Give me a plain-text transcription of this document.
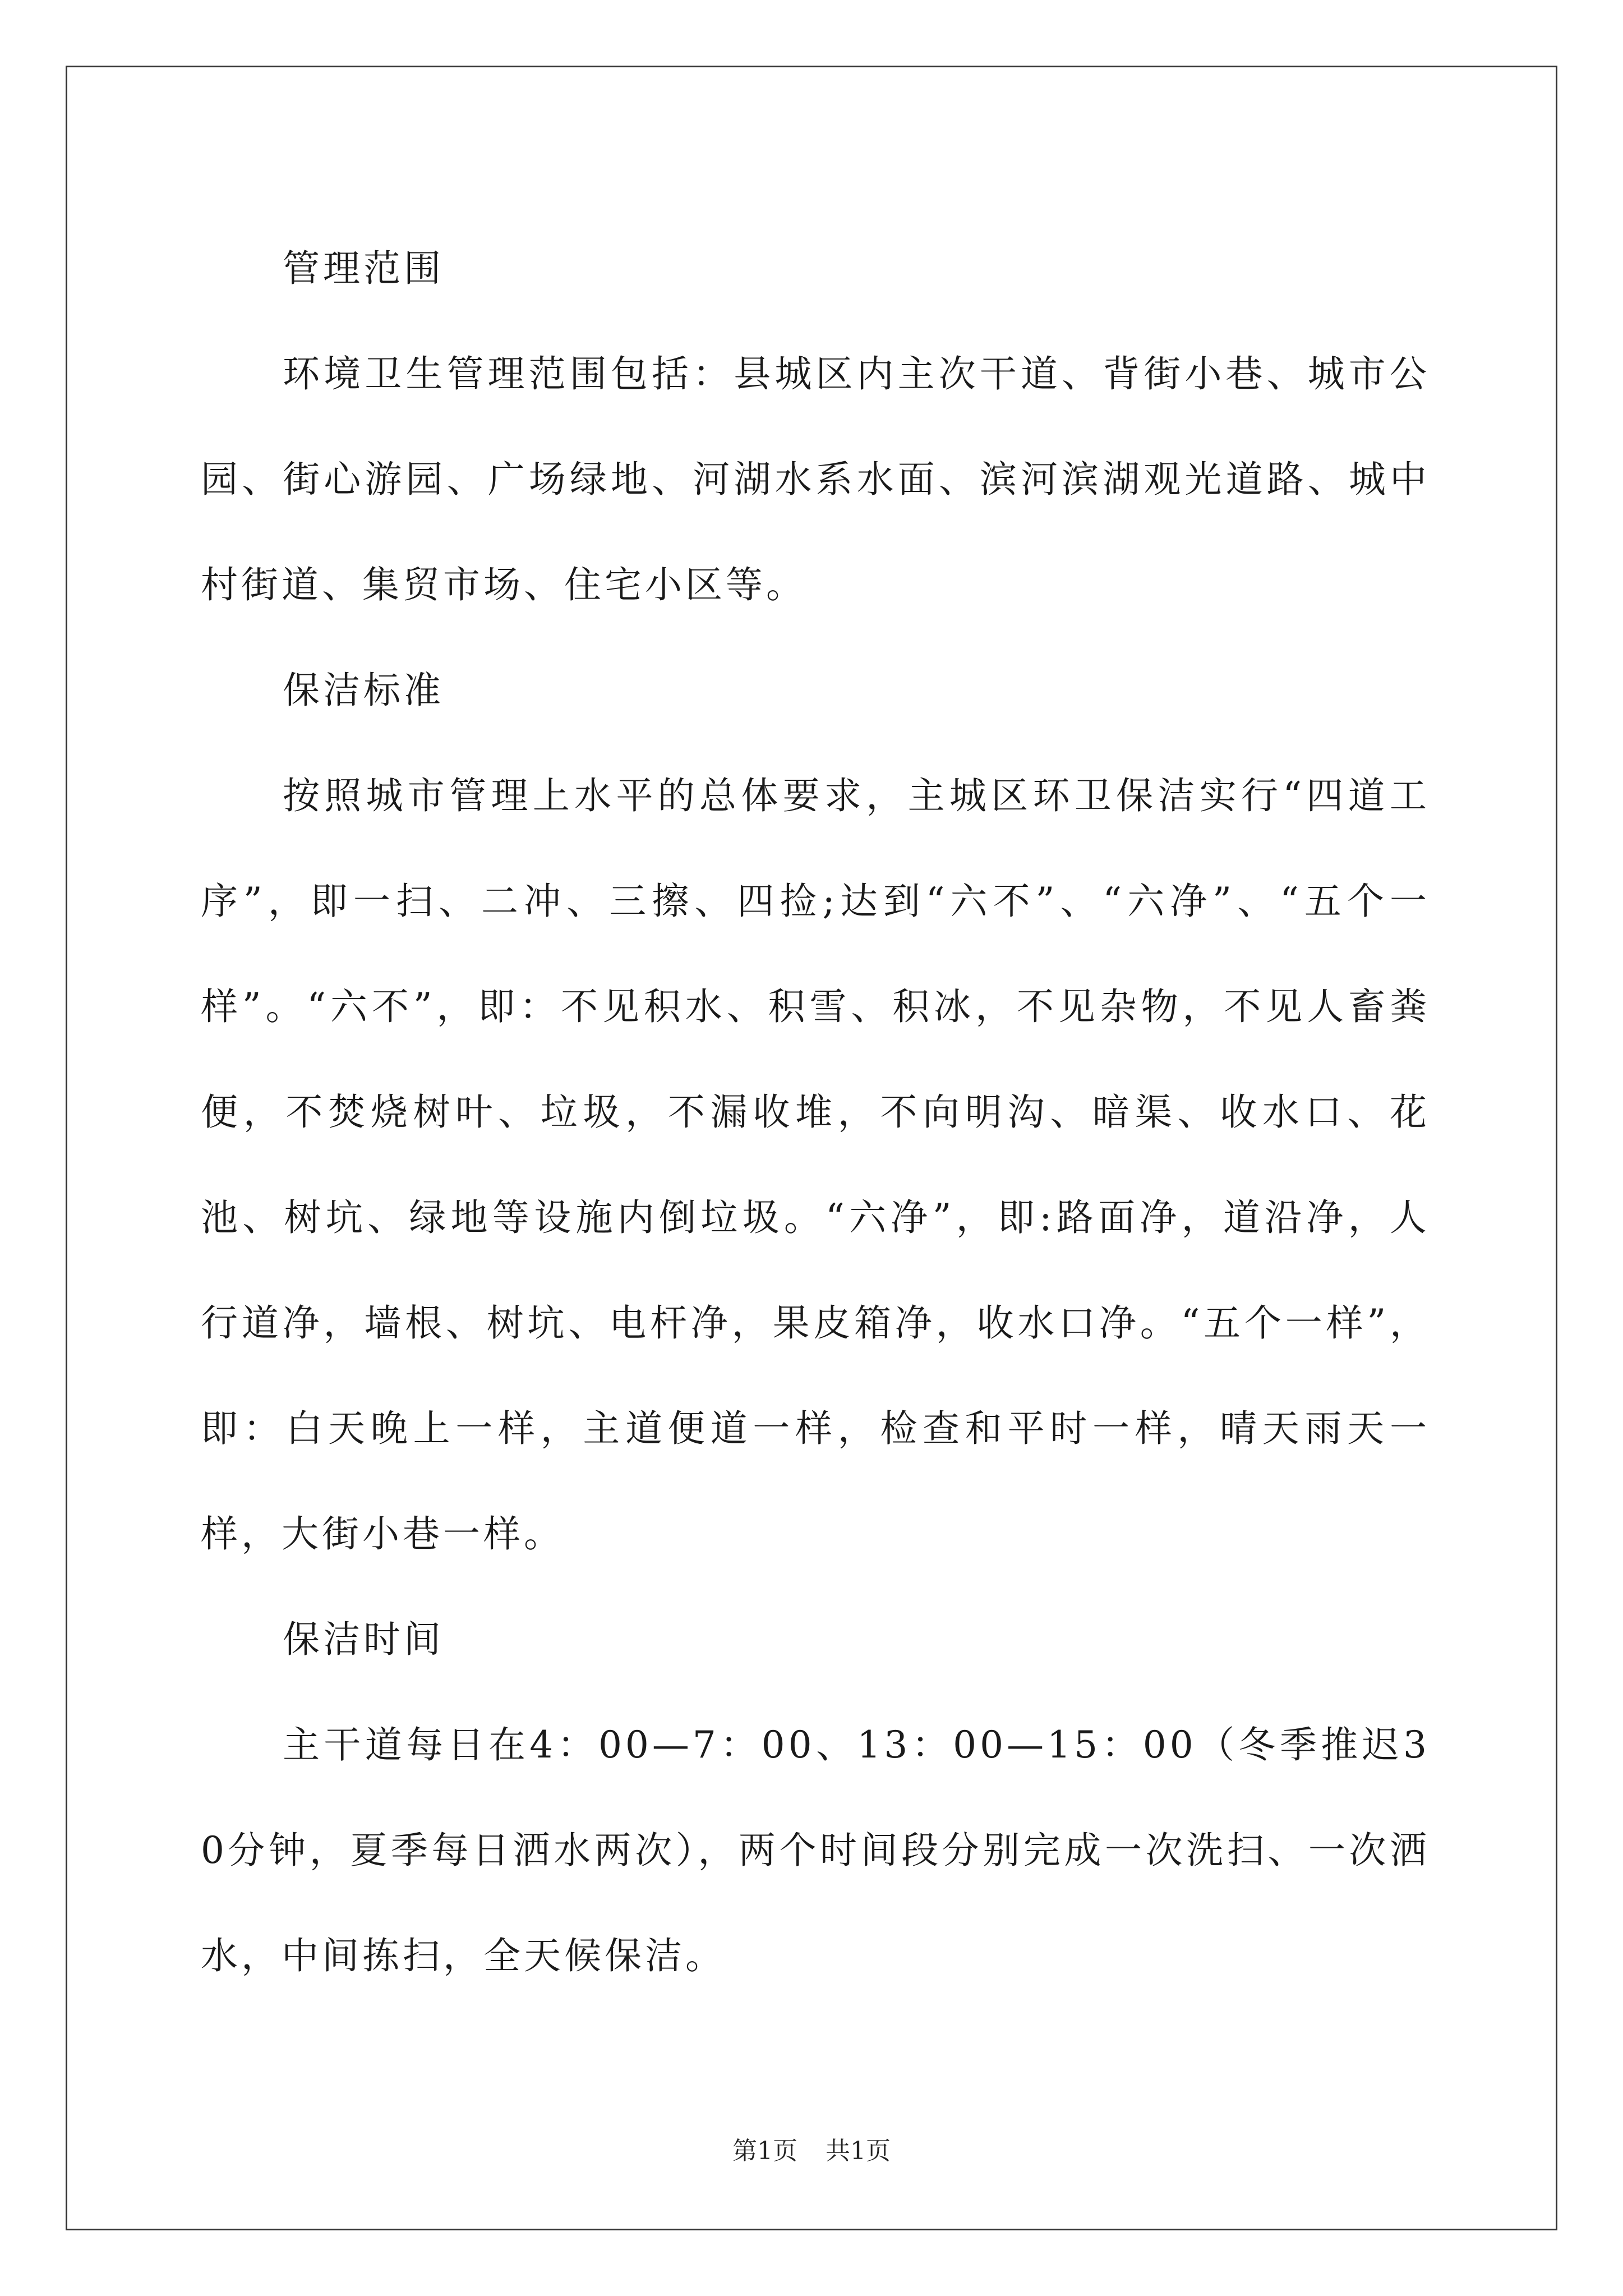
管理范围

环境卫生管理范围包括：县城区内主次干道、背街小巷、城市公园、街心游园、广场绿地、河湖水系水面、滨河滨湖观光道路、城中村街道、集贸市场、住宅小区等。

保洁标准

按照城市管理上水平的总体要求，主城区环卫保洁实行“四道工序”，即一扫、二冲、三擦、四捡;达到“六不”、“六净”、“五个一样”。“六不”，即：不见积水、积雪、积冰，不见杂物，不见人畜粪便，不焚烧树叶、垃圾，不漏收堆，不向明沟、暗渠、收水口、花池、树坑、绿地等设施内倒垃圾。“六净”，即:路面净，道沿净，人行道净，墙根、树坑、电杆净，果皮箱净，收水口净。“五个一样”，即：白天晚上一样，主道便道一样，检查和平时一样，晴天雨天一样，大街小巷一样。

保洁时间

主干道每日在4：00—7：00、13：00—15：00（冬季推迟30分钟，夏季每日洒水两次），两个时间段分别完成一次洗扫、一次洒水，中间拣扫，全天候保洁。

第1页 共1页
